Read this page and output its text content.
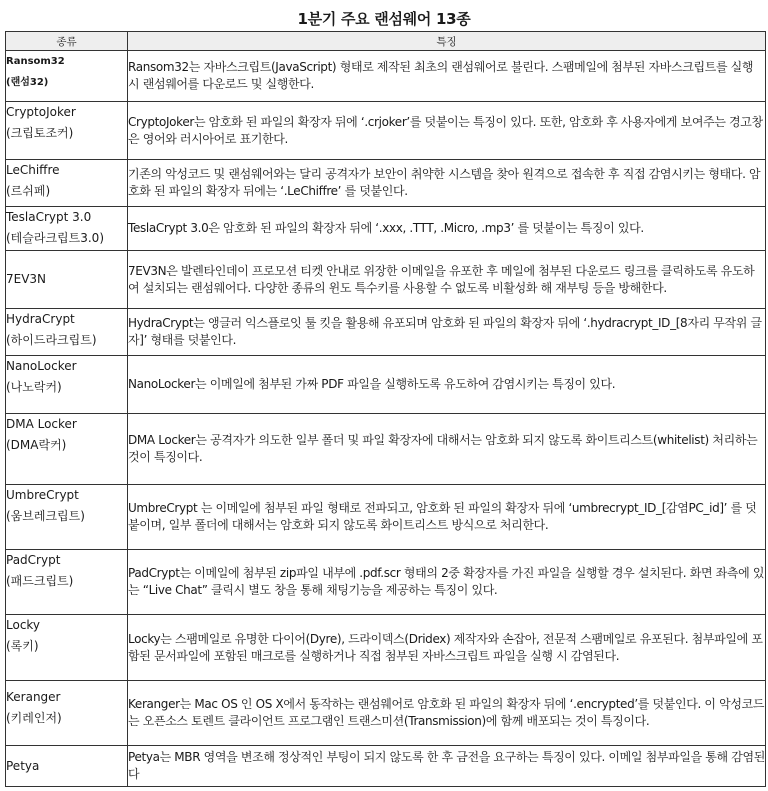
1분기 주요 랜섬웨어 13종
종류	특징

Ransom32
(랜섬32)	Ransom32는 자바스크립트(JavaScript) 형태로 제작된 최초의 랜섬웨어로 불린다. 스팸메일에 첨부된 자바스크립트를 실행 시 랜섬웨어를 다운로드 및 실행한다.

CryptoJoker
(크립토조커)	CryptoJoker는 암호화 된 파일의 확장자 뒤에 ‘.crjoker’를 덧붙이는 특징이 있다. 또한, 암호화 후 사용자에게 보여주는 경고창은 영어와 러시아어로 표기한다.

LeChiffre
(르쉬페)	기존의 악성코드 및 랜섬웨어와는 달리 공격자가 보안이 취약한 시스템을 찾아 원격으로 접속한 후 직접 감염시키는 형태다. 암호화 된 파일의 확장자 뒤에는 ‘.LeChiffre’ 를 덧붙인다.

TeslaCrypt 3.0
(테슬라크립트3.0)	TeslaCrypt 3.0은 암호화 된 파일의 확장자 뒤에 ‘.xxx, .TTT, .Micro, .mp3’ 를 덧붙이는 특징이 있다.

7EV3N	7EV3N은 발렌타인데이 프로모션 티켓 안내로 위장한 이메일을 유포한 후 메일에 첨부된 다운로드 링크를 클릭하도록 유도하여 설치되는 랜섬웨어다. 다양한 종류의 윈도 특수키를 사용할 수 없도록 비활성화 해 재부팅 등을 방해한다.

HydraCrypt
(하이드라크립트)	HydraCrypt는 앵글러 익스플로잇 툴 킷을 활용해 유포되며 암호화 된 파일의 확장자 뒤에 ‘.hydracrypt_ID_[8자리 무작위 글자]’ 형태를 덧붙인다.

NanoLocker
(나노락커)	NanoLocker는 이메일에 첨부된 가짜 PDF 파일을 실행하도록 유도하여 감염시키는 특징이 있다.

DMA Locker
(DMA락커)	DMA Locker는 공격자가 의도한 일부 폴더 및 파일 확장자에 대해서는 암호화 되지 않도록 화이트리스트(whitelist) 처리하는 것이 특징이다.

UmbreCrypt
(움브레크립트)	UmbreCrypt 는 이메일에 첨부된 파일 형태로 전파되고, 암호화 된 파일의 확장자 뒤에 ‘umbrecrypt_ID_[감염PC_id]’ 를 덧붙이며, 일부 폴더에 대해서는 암호화 되지 않도록 화이트리스트 방식으로 처리한다.

PadCrypt
(패드크립트)	PadCrypt는 이메일에 첨부된 zip파일 내부에 .pdf.scr 형태의 2중 확장자를 가진 파일을 실행할 경우 설치된다. 화면 좌측에 있는 “Live Chat” 클릭시 별도 창을 통해 채팅기능을 제공하는 특징이 있다.

Locky
(록키)	Locky는 스팸메일로 유명한 다이어(Dyre), 드라이덱스(Dridex) 제작자와 손잡아, 전문적 스팸메일로 유포된다. 첨부파일에 포함된 문서파일에 포함된 매크로를 실행하거나 직접 첨부된 자바스크립트 파일을 실행 시 감염된다.

Keranger
(키레인저)	Keranger는 Mac OS 인 OS X에서 동작하는 랜섬웨어로 암호화 된 파일의 확장자 뒤에 ‘.encrypted’를 덧붙인다. 이 악성코드는 오픈소스 토렌트 클라이언트 프로그램인 트랜스미션(Transmission)에 함께 배포되는 것이 특징이다.

Petya	Petya는 MBR 영역을 변조해 정상적인 부팅이 되지 않도록 한 후 금전을 요구하는 특징이 있다. 이메일 첨부파일을 통해 감염된다
